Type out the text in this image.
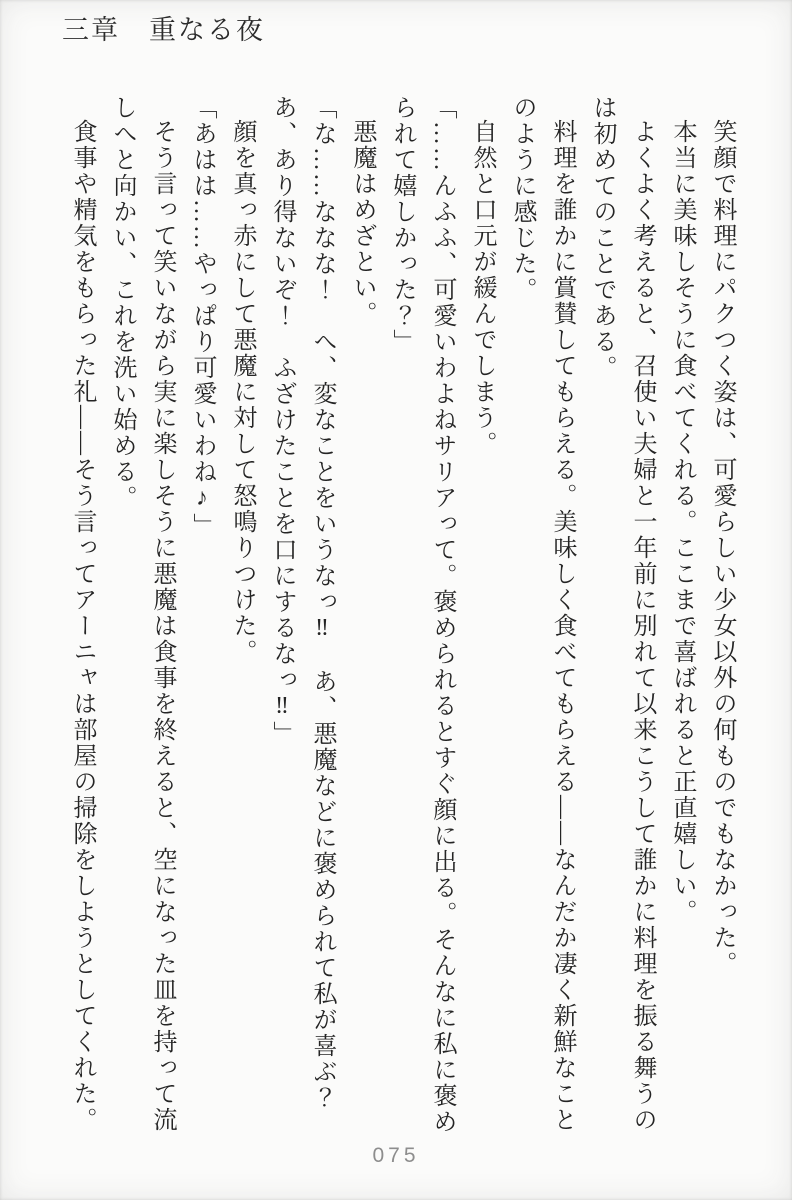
三章　重なる夜

笑顔で料理にパクつく姿は、可愛らしい少女以外の何ものでもなかった。

本当に美味しそうに食べてくれる。ここまで喜ばれると正直嬉しい。

よくよく考えると、召使い夫婦と一年前に別れて以来こうして誰かに料理を振る舞うのは初めてのことである。

料理を誰かに賞賛してもらえる。美味しく食べてもらえる——なんだか凄く新鮮なことのように感じた。

自然と口元が緩んでしまう。

「……んふふ、可愛いわよねサリアって。褒められるとすぐ顔に出る。そんなに私に褒められて嬉しかった？」

悪魔はめざとい。

「な……ななな！　へ、変なことをいうなっ‼　あ、悪魔などに褒められて私が喜ぶ？　あ、あり得ないぞ！　ふざけたことを口にするなっ‼」

顔を真っ赤にして悪魔に対して怒鳴りつけた。

「あはは……やっぱり可愛いわね♪」

そう言って笑いながら実に楽しそうに悪魔は食事を終えると、空になった皿を持って流しへと向かい、これを洗い始める。

食事や精気をもらった礼——そう言ってアーニャは部屋の掃除をしようとしてくれた。

075
